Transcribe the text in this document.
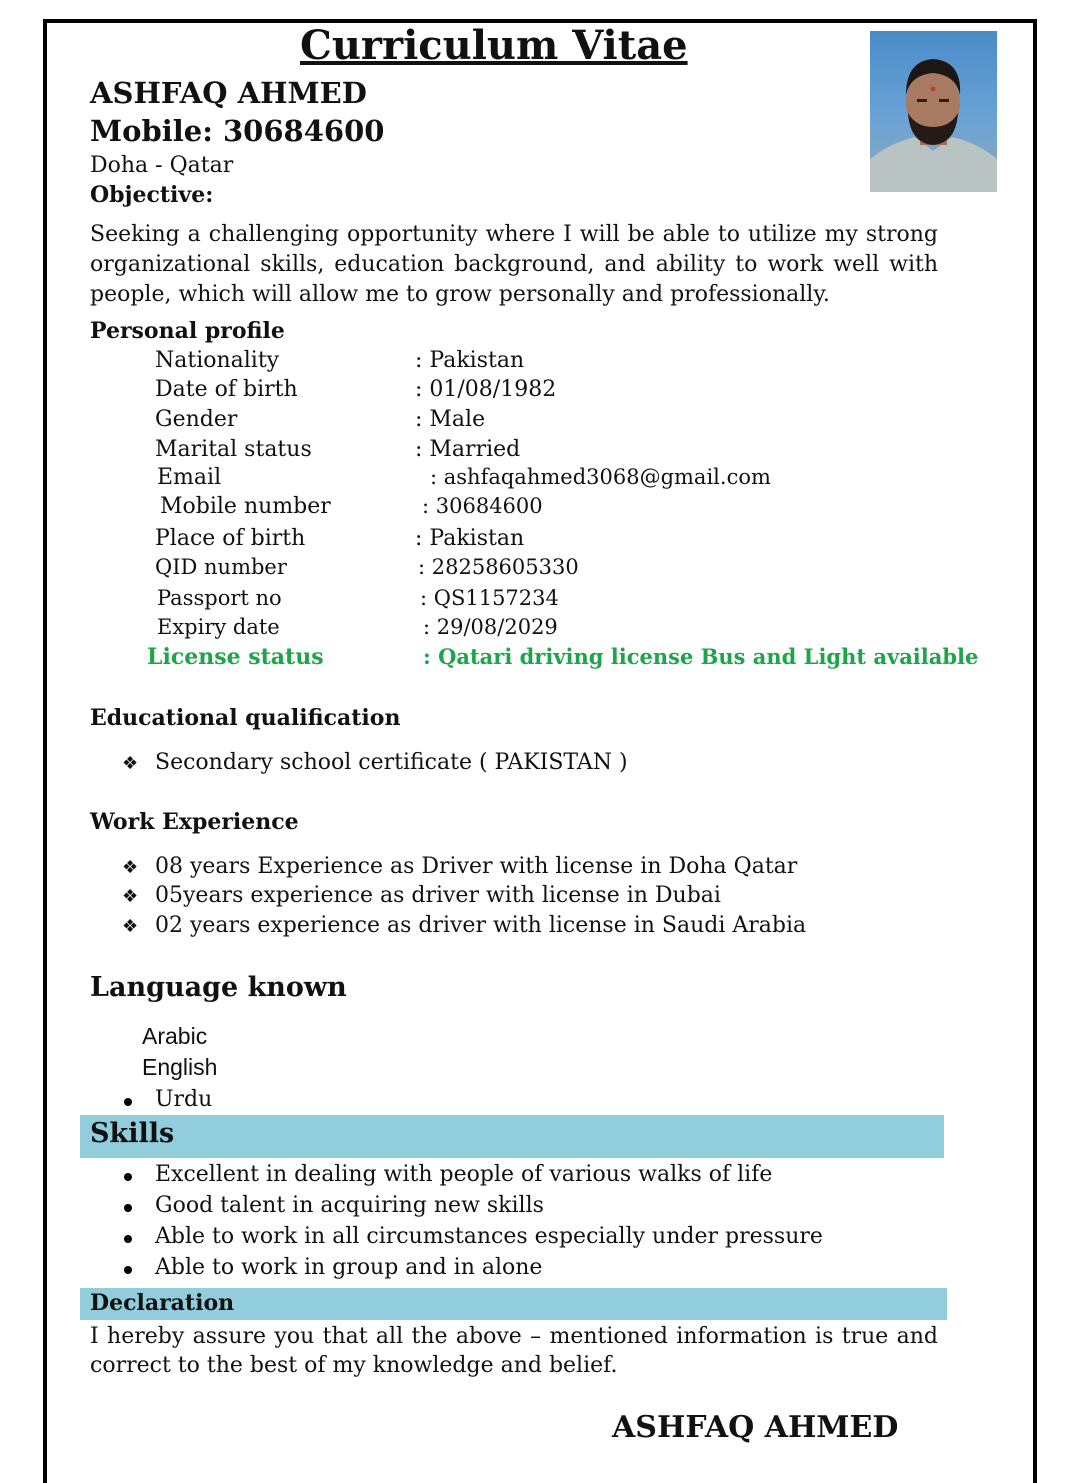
Curriculum Vitae
ASHFAQ AHMED
Mobile: 30684600
Doha - Qatar
Objective:
Seeking a challenging opportunity where I will be able to utilize my strong organizational skills, education background, and ability to work well with people, which will allow me to grow personally and professionally.
Personal profile
Nationality	: Pakistan
Date of birth	: 01/08/1982
Gender	: Male
Marital status	: Married
Email	: ashfaqahmed3068@gmail.com
Mobile number	: 30684600
Place of birth	: Pakistan
QID number	: 28258605330
Passport no	: QS1157234
Expiry date	: 29/08/2029
License status	: Qatari driving license Bus and Light available
Educational qualification
❖ Secondary school certificate ( PAKISTAN )
Work Experience
❖ 08 years Experience as Driver with license in Doha Qatar
❖ 05years experience as driver with license in Dubai
❖ 02 years experience as driver with license in Saudi Arabia
Language known
Arabic
English
Urdu
Skills
Excellent in dealing with people of various walks of life
Good talent in acquiring new skills
Able to work in all circumstances especially under pressure
Able to work in group and in alone
Declaration
I hereby assure you that all the above – mentioned information is true and correct to the best of my knowledge and belief.
ASHFAQ AHMED
